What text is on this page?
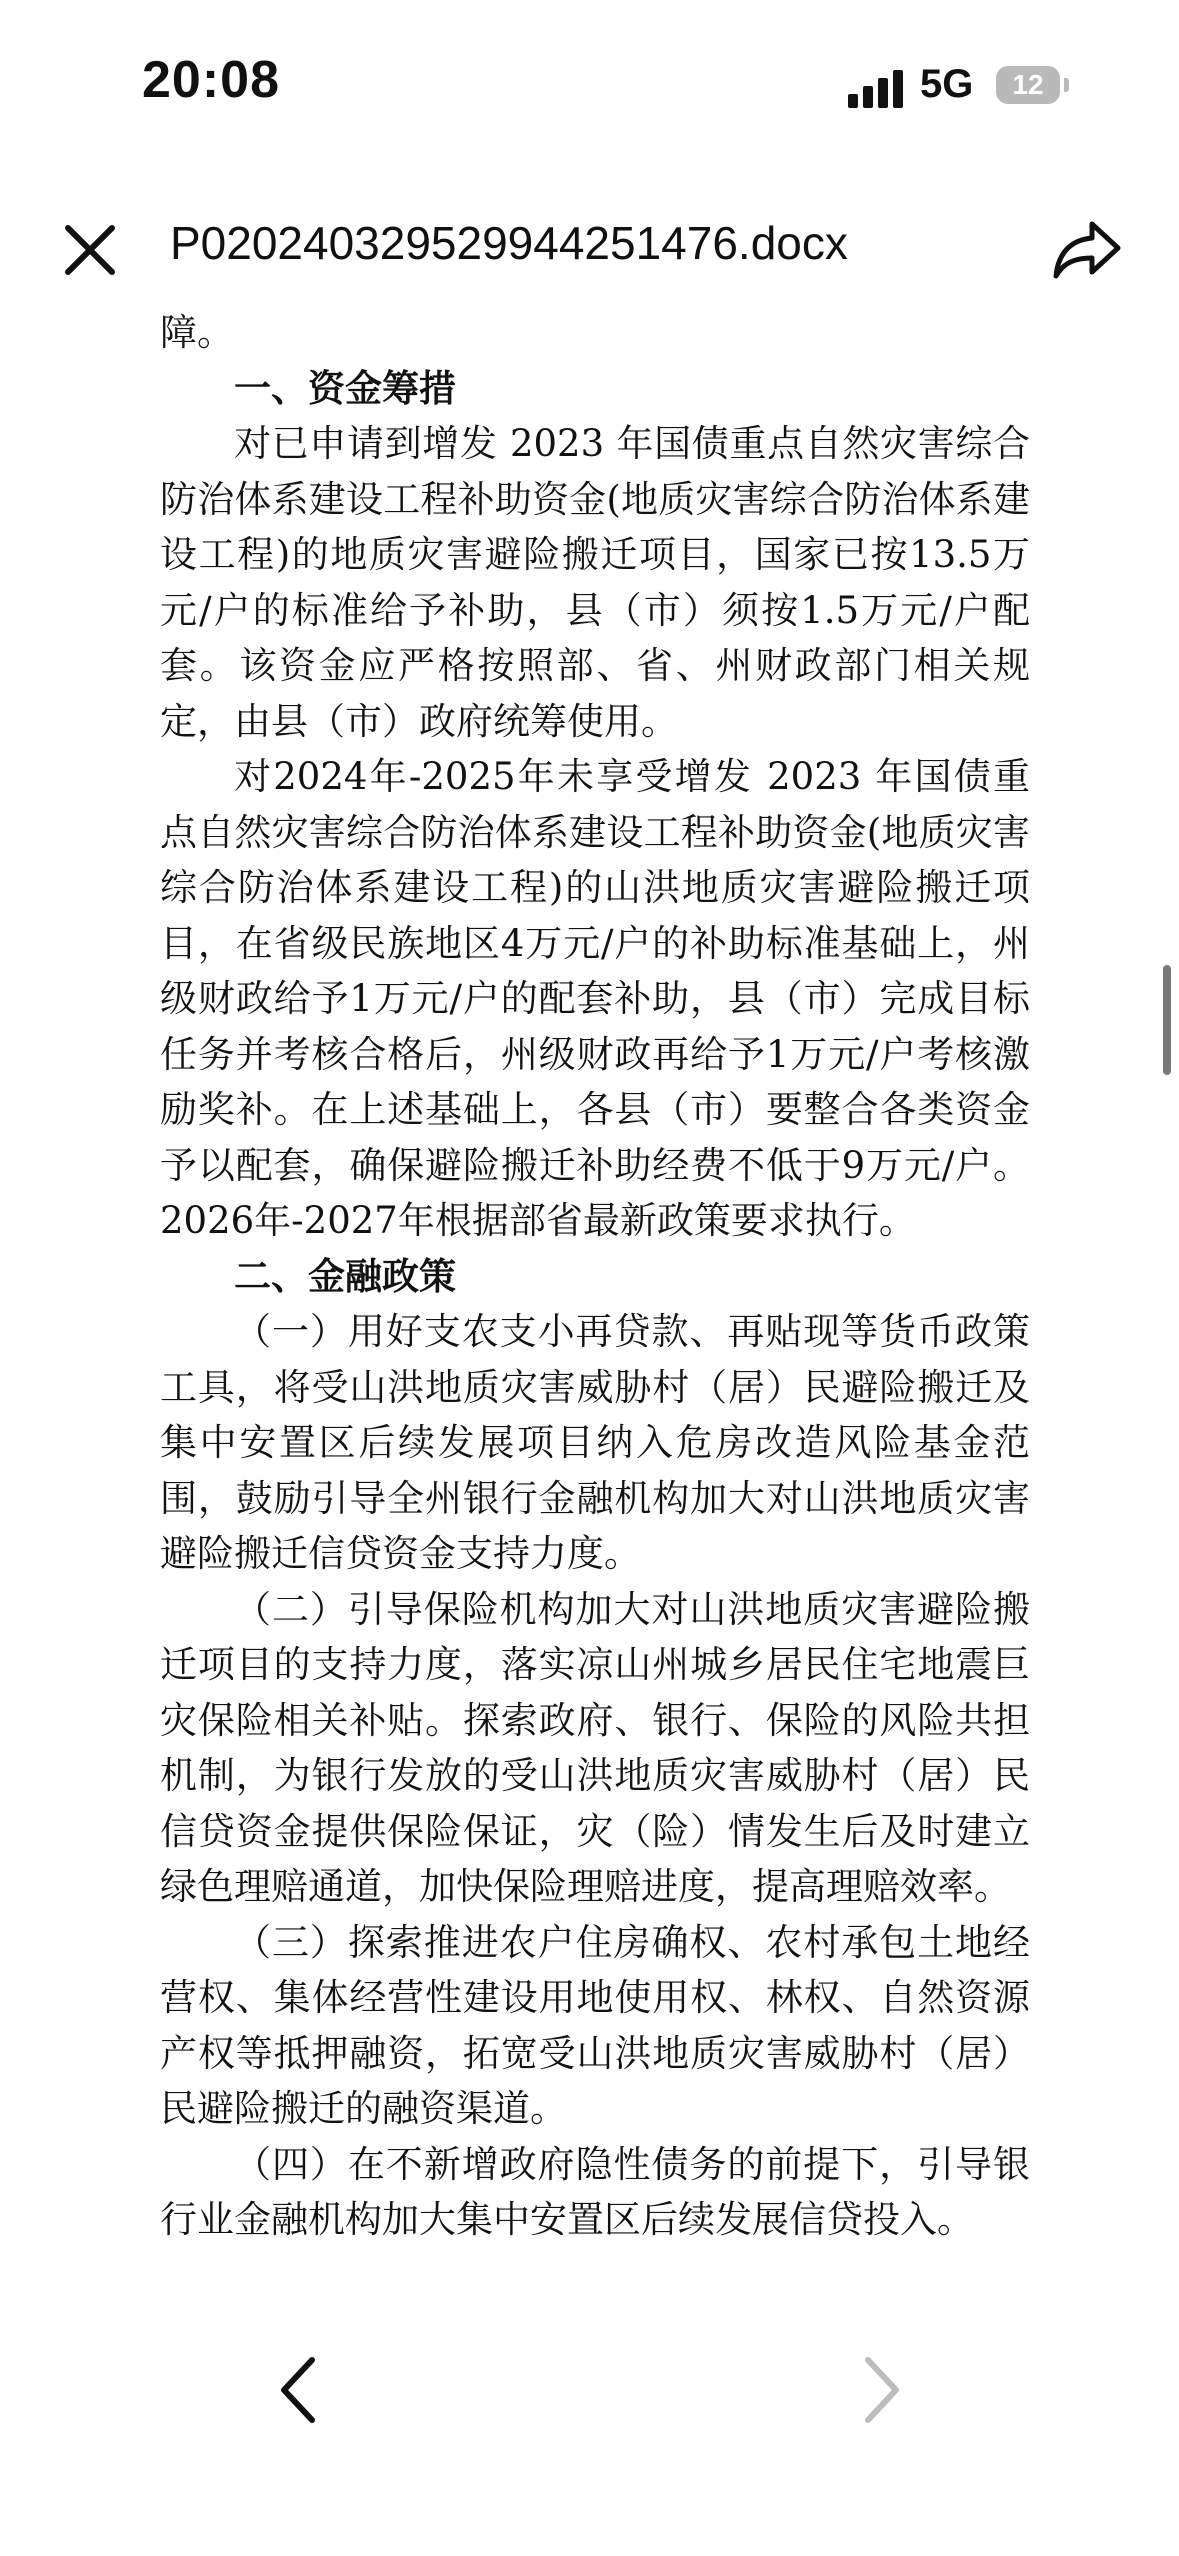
20:08	5G	12
P020240329529944251476.docx

障。

一、资金筹措

对已申请到增发 2023 年国债重点自然灾害综合防治体系建设工程补助资金(地质灾害综合防治体系建设工程)的地质灾害避险搬迁项目，国家已按13.5万元/户的标准给予补助，县（市）须按1.5万元/户配套。该资金应严格按照部、省、州财政部门相关规定，由县（市）政府统筹使用。

对2024年-2025年未享受增发 2023 年国债重点自然灾害综合防治体系建设工程补助资金(地质灾害综合防治体系建设工程)的山洪地质灾害避险搬迁项目，在省级民族地区4万元/户的补助标准基础上，州级财政给予1万元/户的配套补助，县（市）完成目标任务并考核合格后，州级财政再给予1万元/户考核激励奖补。在上述基础上，各县（市）要整合各类资金予以配套，确保避险搬迁补助经费不低于9万元/户。2026年-2027年根据部省最新政策要求执行。

二、金融政策

（一）用好支农支小再贷款、再贴现等货币政策工具，将受山洪地质灾害威胁村（居）民避险搬迁及集中安置区后续发展项目纳入危房改造风险基金范围，鼓励引导全州银行金融机构加大对山洪地质灾害避险搬迁信贷资金支持力度。

（二）引导保险机构加大对山洪地质灾害避险搬迁项目的支持力度，落实凉山州城乡居民住宅地震巨灾保险相关补贴。探索政府、银行、保险的风险共担机制，为银行发放的受山洪地质灾害威胁村（居）民信贷资金提供保险保证，灾（险）情发生后及时建立绿色理赔通道，加快保险理赔进度，提高理赔效率。

（三）探索推进农户住房确权、农村承包土地经营权、集体经营性建设用地使用权、林权、自然资源产权等抵押融资，拓宽受山洪地质灾害威胁村（居）民避险搬迁的融资渠道。

（四）在不新增政府隐性债务的前提下，引导银行业金融机构加大集中安置区后续发展信贷投入。
